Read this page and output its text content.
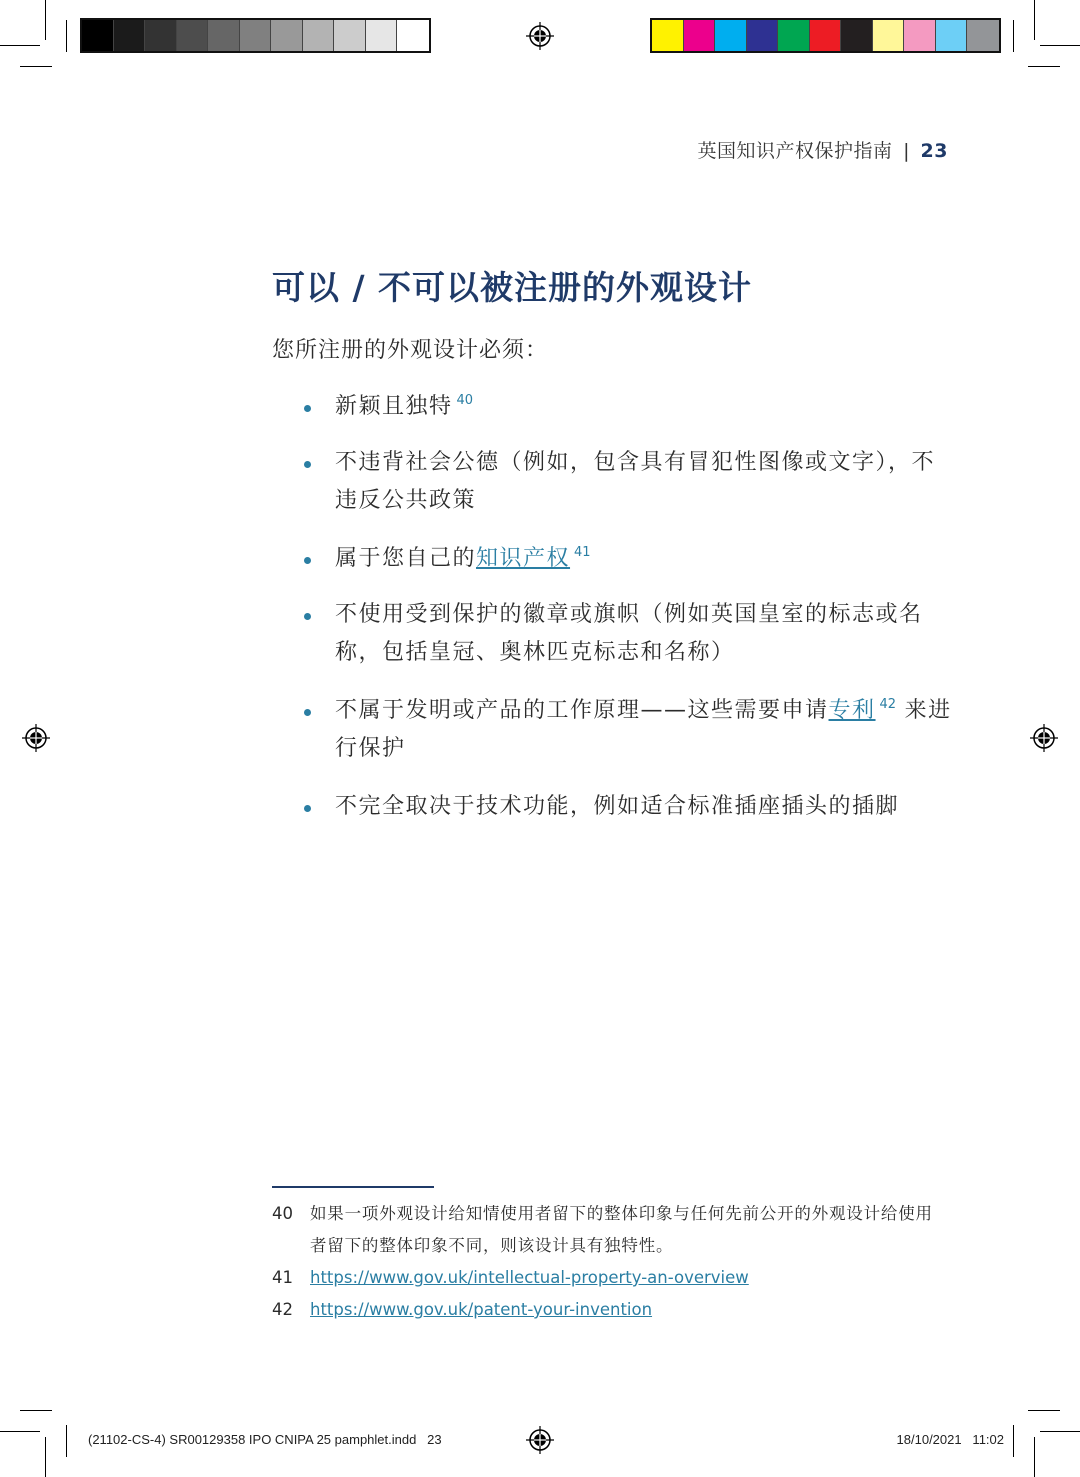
英国知识产权保护指南 | 23
可以 / 不可以被注册的外观设计
您所注册的外观设计必须：
新颖且独特 $^{40}$
不违背社会公德（例如，包含具有冒犯性图像或文字），不违反公共政策
属于您自己的知识产权 $^{41}$
不使用受到保护的徽章或旗帜（例如英国皇室的标志或名称，包括皇冠、奥林匹克标志和名称）
不属于发明或产品的工作原理——这些需要申请专利 $^{42}$ 来进行保护
不完全取决于技术功能，例如适合标准插座插头的插脚
40 如果一项外观设计给知情使用者留下的整体印象与任何先前公开的外观设计给使用者留下的整体印象不同，则该设计具有独特性。
41 https://www.gov.uk/intellectual-property-an-overview
42 https://www.gov.uk/patent-your-invention
(21102-CS-4) SR00129358 IPO CNIPA 25 pamphlet.indd   23	18/10/2021   11:02
